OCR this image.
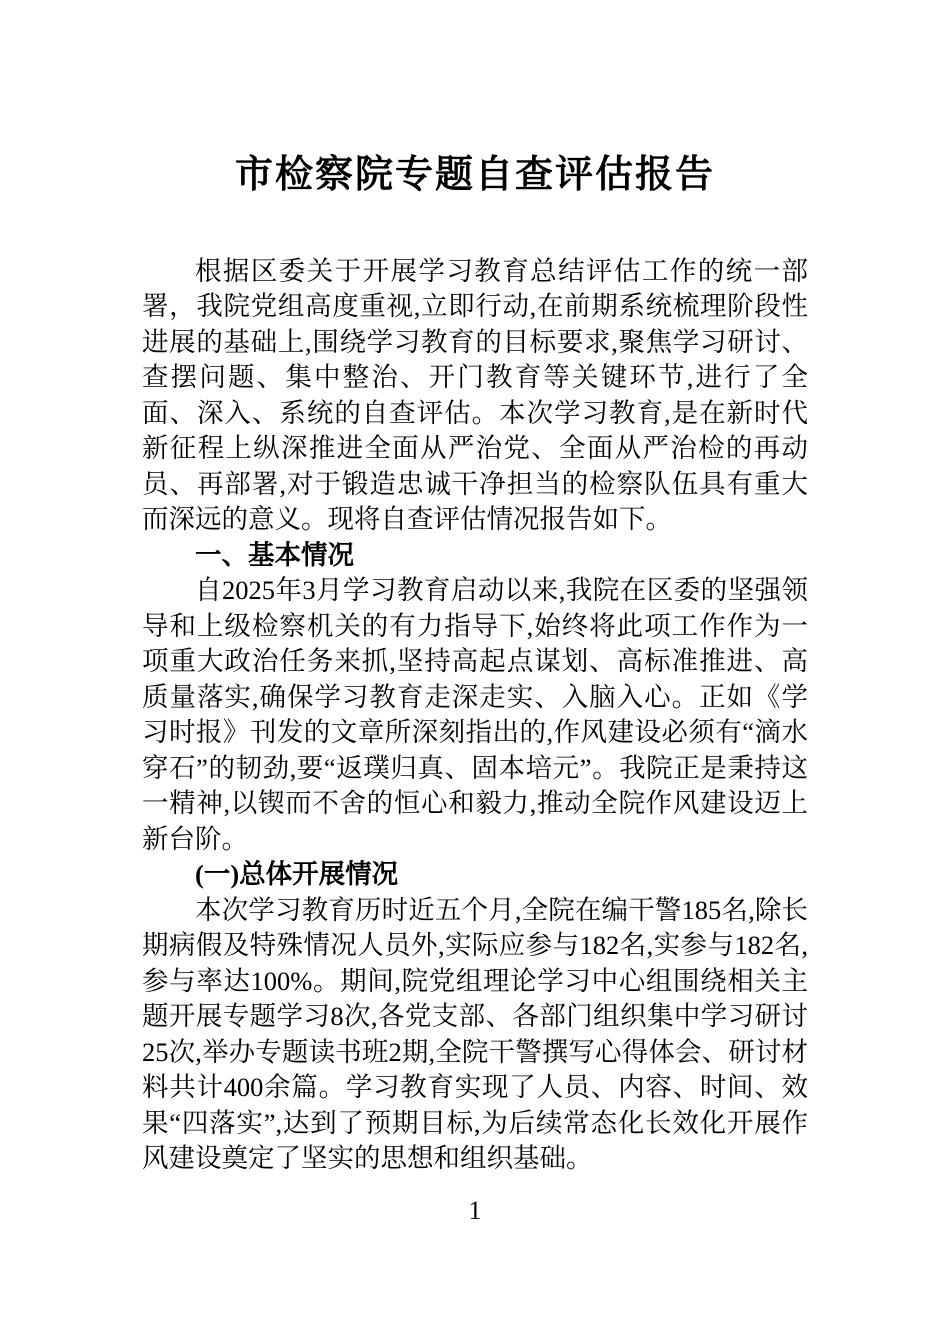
市检察院专题自查评估报告

根据区委关于开展学习教育总结评估工作的统一部署，我院党组高度重视,立即行动,在前期系统梳理阶段性进展的基础上,围绕学习教育的目标要求,聚焦学习研讨、查摆问题、集中整治、开门教育等关键环节,进行了全面、深入、系统的自查评估。本次学习教育,是在新时代新征程上纵深推进全面从严治党、全面从严治检的再动员、再部署,对于锻造忠诚干净担当的检察队伍具有重大而深远的意义。现将自查评估情况报告如下。

一、基本情况

自2025年3月学习教育启动以来,我院在区委的坚强领导和上级检察机关的有力指导下,始终将此项工作作为一项重大政治任务来抓,坚持高起点谋划、高标准推进、高质量落实,确保学习教育走深走实、入脑入心。正如《学习时报》刊发的文章所深刻指出的,作风建设必须有“滴水穿石”的韧劲,要“返璞归真、固本培元”。我院正是秉持这一精神,以锲而不舍的恒心和毅力,推动全院作风建设迈上新台阶。

(一)总体开展情况

本次学习教育历时近五个月,全院在编干警185名,除长期病假及特殊情况人员外,实际应参与182名,实参与182名,参与率达100%。期间,院党组理论学习中心组围绕相关主题开展专题学习8次,各党支部、各部门组织集中学习研讨25次,举办专题读书班2期,全院干警撰写心得体会、研讨材料共计400余篇。学习教育实现了人员、内容、时间、效果“四落实”,达到了预期目标,为后续常态化长效化开展作风建设奠定了坚实的思想和组织基础。

1
